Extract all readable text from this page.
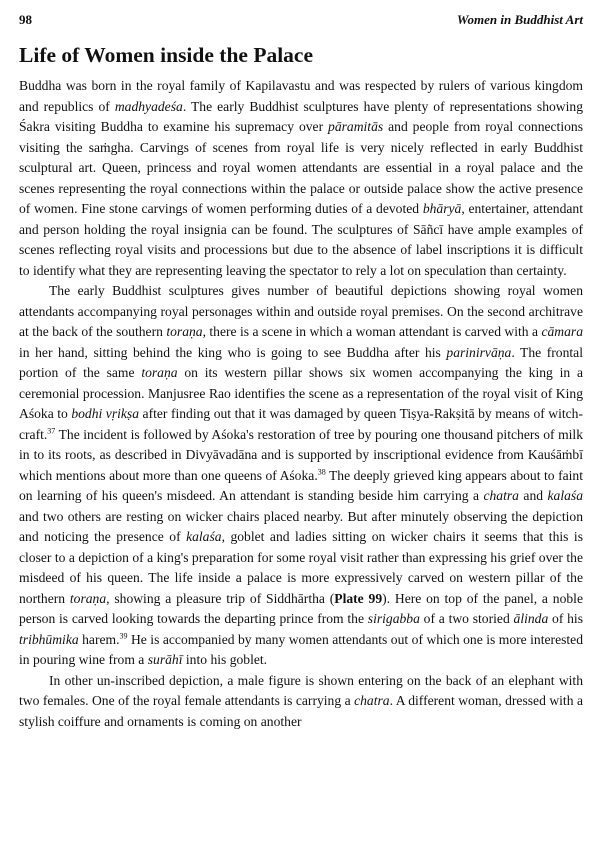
98	Women in Buddhist Art
Life of Women inside the Palace

Buddha was born in the royal family of Kapilavastu and was respected by rulers of various kingdom and republics of madhyadeśa. The early Buddhist sculptures have plenty of representations showing Śakra visiting Buddha to examine his supremacy over pāramitās and people from royal connections visiting the saṁgha. Carvings of scenes from royal life is very nicely reflected in early Buddhist sculptural art. Queen, princess and royal women attendants are essential in a royal palace and the scenes representing the royal connections within the palace or outside palace show the active presence of women. Fine stone carvings of women performing duties of a devoted bhāryā, entertainer, attendant and person holding the royal insignia can be found. The sculptures of Sāñcī have ample examples of scenes reflecting royal visits and processions but due to the absence of label inscriptions it is difficult to identify what they are representing leaving the spectator to rely a lot on speculation than certainty.

The early Buddhist sculptures gives number of beautiful depictions showing royal women attendants accompanying royal personages within and outside royal premises. On the second architrave at the back of the southern toraṇa, there is a scene in which a woman attendant is carved with a cāmara in her hand, sitting behind the king who is going to see Buddha after his parinirvāṇa. The frontal portion of the same toraṇa on its western pillar shows six women accompanying the king in a ceremonial procession. Manjusree Rao identifies the scene as a representation of the royal visit of King Aśoka to bodhi vṛikṣa after finding out that it was damaged by queen Tiṣya-Rakṣitā by means of witch-craft.$^{37}$ The incident is followed by Aśoka's restoration of tree by pouring one thousand pitchers of milk in to its roots, as described in Divyāvadāna and is supported by inscriptional evidence from Kauśāṁbī which mentions about more than one queens of Aśoka.$^{38}$ The deeply grieved king appears about to faint on learning of his queen's misdeed. An attendant is standing beside him carrying a chatra and kalaśa and two others are resting on wicker chairs placed nearby. But after minutely observing the depiction and noticing the presence of kalaśa, goblet and ladies sitting on wicker chairs it seems that this is closer to a depiction of a king's preparation for some royal visit rather than expressing his grief over the misdeed of his queen. The life inside a palace is more expressively carved on western pillar of the northern toraṇa, showing a pleasure trip of Siddhārtha (Plate 99). Here on top of the panel, a noble person is carved looking towards the departing prince from the sirigabba of a two storied ālinda of his tribhūmika harem.$^{39}$ He is accompanied by many women attendants out of which one is more interested in pouring wine from a surāhī into his goblet.

In other un-inscribed depiction, a male figure is shown entering on the back of an elephant with two females. One of the royal female attendants is carrying a chatra. A different woman, dressed with a stylish coiffure and ornaments is coming on another
